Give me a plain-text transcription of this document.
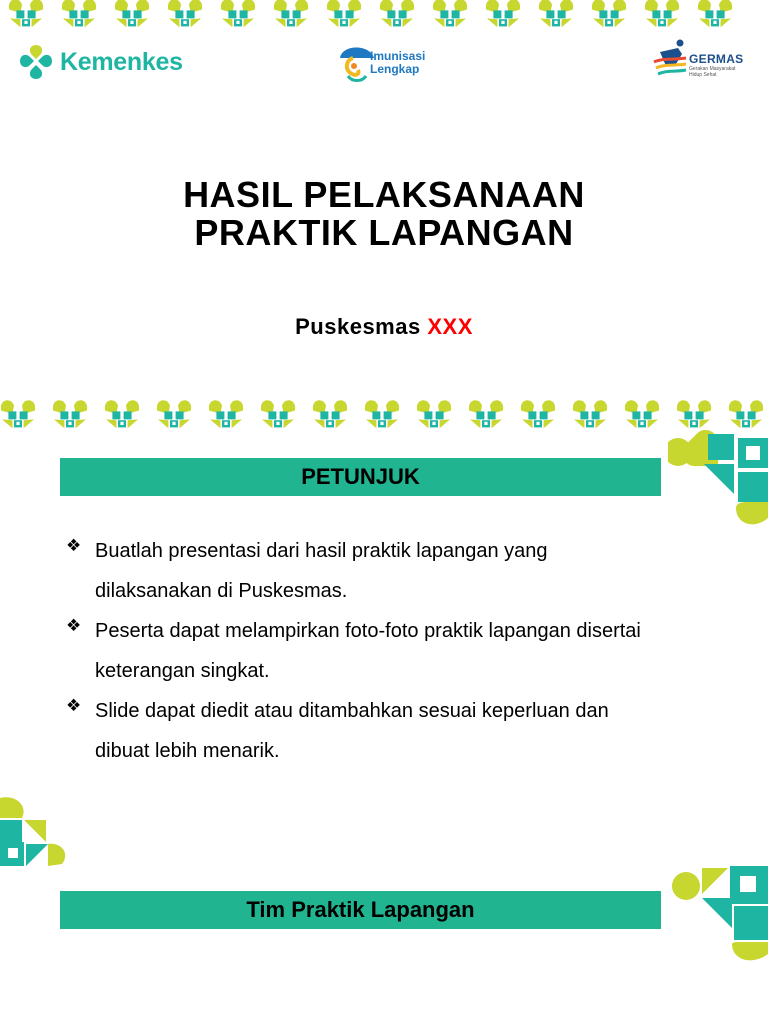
Kemenkes	Imunisasi
Lengkap
GERMAS
Gerakan Masyarakat Hidup Sehat
HASIL PELAKSANAAN
PRAKTIK LAPANGAN
Puskesmas XXX
PETUNJUK
❖ Buatlah presentasi dari hasil praktik lapangan yang
dilaksanakan di Puskesmas.
❖ Peserta dapat melampirkan foto-foto praktik lapangan disertai
keterangan singkat.
❖ Slide dapat diedit atau ditambahkan sesuai keperluan dan
dibuat lebih menarik.
Tim Praktik Lapangan
